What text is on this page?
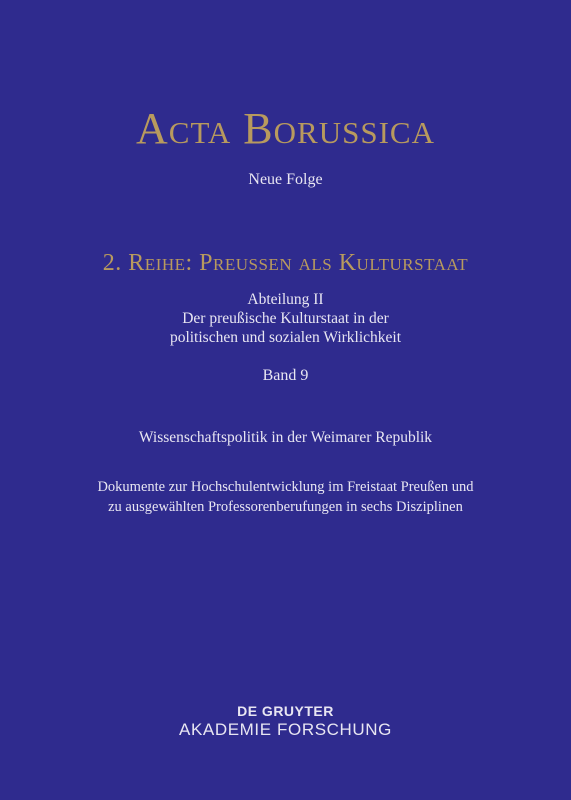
Acta Borussica
Neue Folge
2. Reihe: Preussen als Kulturstaat
Abteilung II
Der preußische Kulturstaat in der
politischen und sozialen Wirklichkeit
Band 9
Wissenschaftspolitik in der Weimarer Republik
Dokumente zur Hochschulentwicklung im Freistaat Preußen und
zu ausgewählten Professorenberufungen in sechs Disziplinen
DE GRUYTER
AKADEMIE FORSCHUNG
